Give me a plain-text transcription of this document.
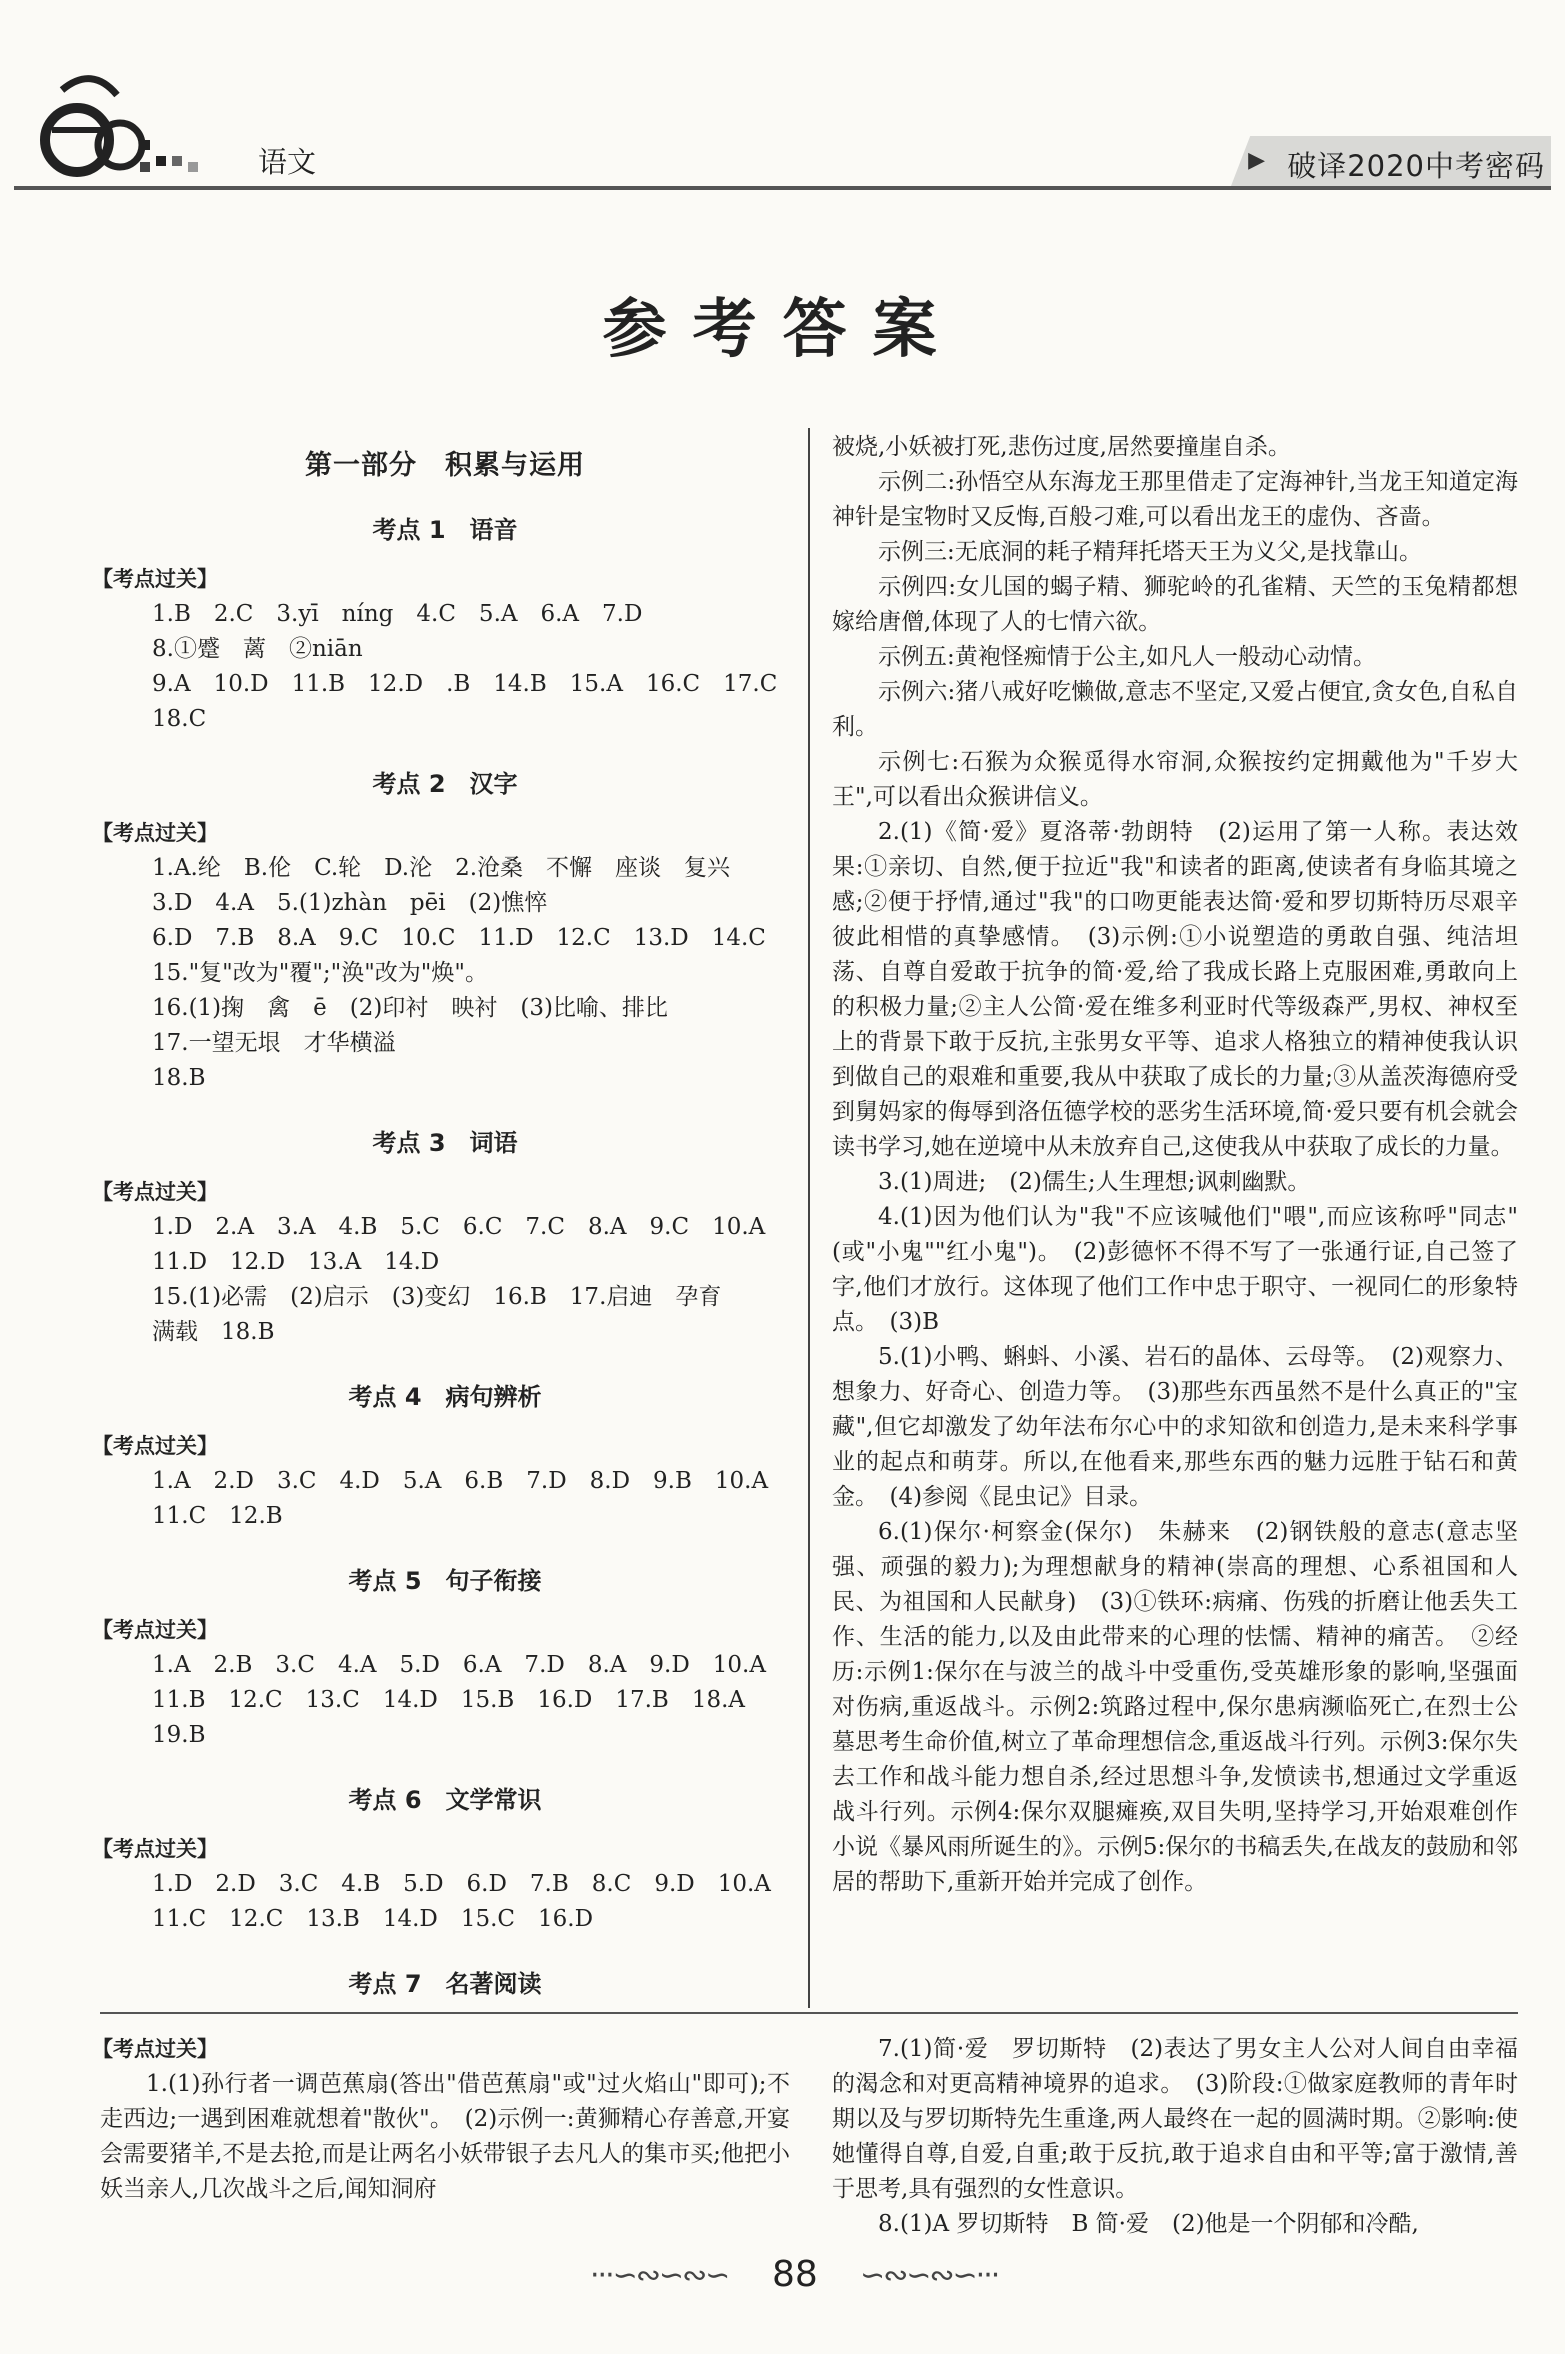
语文	▶ 破译2020中考密码
参考答案
第一部分　积累与运用
考点 1　语音
【考点过关】
1.B　2.C　3.yī　níng　4.C　5.A　6.A　7.D
8.①蹙　蓠　②niān
9.A　10.D　11.B　12.D　.B　14.B　15.A　16.C　17.C
18.C
考点 2　汉字
【考点过关】
1.A.纶　B.伦　C.轮　D.沦　2.沧桑　不懈　座谈　复兴
3.D　4.A　5.(1)zhàn　pēi　(2)憔悴
6.D　7.B　8.A　9.C　10.C　11.D　12.C　13.D　14.C
15."复"改为"覆";"涣"改为"焕"。
16.(1)掬　禽　ē　(2)印衬　映衬　(3)比喻、排比
17.一望无垠　才华横溢
18.B
考点 3　词语
【考点过关】
1.D　2.A　3.A　4.B　5.C　6.C　7.C　8.A　9.C　10.A
11.D　12.D　13.A　14.D
15.(1)必需　(2)启示　(3)变幻　16.B　17.启迪　孕育
满载　18.B
考点 4　病句辨析
【考点过关】
1.A　2.D　3.C　4.D　5.A　6.B　7.D　8.D　9.B　10.A
11.C　12.B
考点 5　句子衔接
【考点过关】
1.A　2.B　3.C　4.A　5.D　6.A　7.D　8.A　9.D　10.A
11.B　12.C　13.C　14.D　15.B　16.D　17.B　18.A
19.B
考点 6　文学常识
【考点过关】
1.D　2.D　3.C　4.B　5.D　6.D　7.B　8.C　9.D　10.A
11.C　12.C　13.B　14.D　15.C　16.D
考点 7　名著阅读

被烧,小妖被打死,悲伤过度,居然要撞崖自杀。

示例二:孙悟空从东海龙王那里借走了定海神针,当龙王知道定海神针是宝物时又反悔,百般刁难,可以看出龙王的虚伪、吝啬。

示例三:无底洞的耗子精拜托塔天王为义父,是找靠山。

示例四:女儿国的蝎子精、狮驼岭的孔雀精、天竺的玉兔精都想嫁给唐僧,体现了人的七情六欲。

示例五:黄袍怪痴情于公主,如凡人一般动心动情。

示例六:猪八戒好吃懒做,意志不坚定,又爱占便宜,贪女色,自私自利。

示例七:石猴为众猴觅得水帘洞,众猴按约定拥戴他为"千岁大王",可以看出众猴讲信义。

2.(1)《简·爱》夏洛蒂·勃朗特　(2)运用了第一人称。表达效果:①亲切、自然,便于拉近"我"和读者的距离,使读者有身临其境之感;②便于抒情,通过"我"的口吻更能表达简·爱和罗切斯特历尽艰辛彼此相惜的真挚感情。　(3)示例:①小说塑造的勇敢自强、纯洁坦荡、自尊自爱敢于抗争的简·爱,给了我成长路上克服困难,勇敢向上的积极力量;②主人公简·爱在维多利亚时代等级森严,男权、神权至上的背景下敢于反抗,主张男女平等、追求人格独立的精神使我认识到做自己的艰难和重要,我从中获取了成长的力量;③从盖茨海德府受到舅妈家的侮辱到洛伍德学校的恶劣生活环境,简·爱只要有机会就会读书学习,她在逆境中从未放弃自己,这使我从中获取了成长的力量。

3.(1)周进;　(2)儒生;人生理想;讽刺幽默。

4.(1)因为他们认为"我"不应该喊他们"喂",而应该称呼"同志"(或"小鬼""红小鬼")。　(2)彭德怀不得不写了一张通行证,自己签了字,他们才放行。这体现了他们工作中忠于职守、一视同仁的形象特点。　(3)B

5.(1)小鸭、蝌蚪、小溪、岩石的晶体、云母等。　(2)观察力、想象力、好奇心、创造力等。　(3)那些东西虽然不是什么真正的"宝藏",但它却激发了幼年法布尔心中的求知欲和创造力,是未来科学事业的起点和萌芽。所以,在他看来,那些东西的魅力远胜于钻石和黄金。　(4)参阅《昆虫记》目录。

6.(1)保尔·柯察金(保尔)　朱赫来　(2)钢铁般的意志(意志坚强、顽强的毅力);为理想献身的精神(崇高的理想、心系祖国和人民、为祖国和人民献身)　(3)①铁环:病痛、伤残的折磨让他丢失工作、生活的能力,以及由此带来的心理的怯懦、精神的痛苦。　②经历:示例1:保尔在与波兰的战斗中受重伤,受英雄形象的影响,坚强面对伤病,重返战斗。示例2:筑路过程中,保尔患病濒临死亡,在烈士公墓思考生命价值,树立了革命理想信念,重返战斗行列。示例3:保尔失去工作和战斗能力想自杀,经过思想斗争,发愤读书,想通过文学重返战斗行列。示例4:保尔双腿瘫痪,双目失明,坚持学习,开始艰难创作小说《暴风雨所诞生的》。示例5:保尔的书稿丢失,在战友的鼓励和邻居的帮助下,重新开始并完成了创作。

【考点过关】

1.(1)孙行者一调芭蕉扇(答出"借芭蕉扇"或"过火焰山"即可);不走西边;一遇到困难就想着"散伙"。　(2)示例一:黄狮精心存善意,开宴会需要猪羊,不是去抢,而是让两名小妖带银子去凡人的集市买;他把小妖当亲人,几次战斗之后,闻知洞府

7.(1)简·爱　罗切斯特　(2)表达了男女主人公对人间自由幸福的渴念和对更高精神境界的追求。　(3)阶段:①做家庭教师的青年时期以及与罗切斯特先生重逢,两人最终在一起的圆满时期。②影响:使她懂得自尊,自爱,自重;敢于反抗,敢于追求自由和平等;富于激情,善于思考,具有强烈的女性意识。

8.(1)A 罗切斯特　B 简·爱　(2)他是一个阴郁和冷酷,

···∽∾∽∾∽ 88 ∽∾∽∾∽···
